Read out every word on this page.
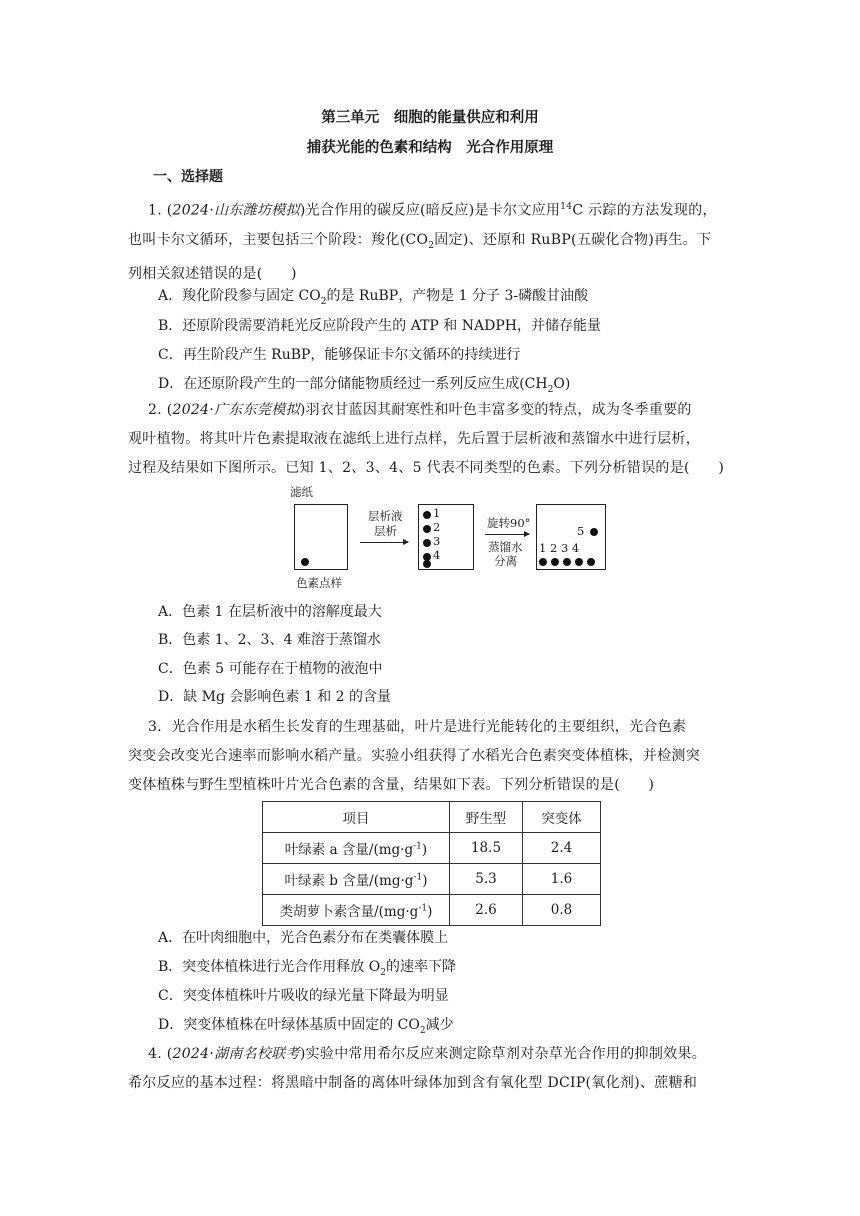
第三单元　细胞的能量供应和利用
捕获光能的色素和结构　光合作用原理
一、选择题
1. (2024·山东潍坊模拟)光合作用的碳反应(暗反应)是卡尔文应用$^{14}$C 示踪的方法发现的，
也叫卡尔文循环，主要包括三个阶段：羧化($CO_2$固定)、还原和 RuBP(五碳化合物)再生。下
列相关叙述错误的是(　　)
A．羧化阶段参与固定 $CO_2$的是 RuBP，产物是 1 分子 3-磷酸甘油酸
B．还原阶段需要消耗光反应阶段产生的 ATP 和 NADPH，并储存能量
C．再生阶段产生 RuBP，能够保证卡尔文循环的持续进行
D．在还原阶段产生的一部分储能物质经过一系列反应生成$(CH_2O)$
2. (2024·广东东莞模拟)羽衣甘蓝因其耐寒性和叶色丰富多变的特点，成为冬季重要的
观叶植物。将其叶片色素提取液在滤纸上进行点样，先后置于层析液和蒸馏水中进行层析，
过程及结果如下图所示。已知 1、2、3、4、5 代表不同类型的色素。下列分析错误的是(　　)
滤纸
色素点样
层析液
层析
1
2
3
4
旋转90°
蒸馏水
分离
5
1 2 3 4
A．色素 1 在层析液中的溶解度最大
B．色素 1、2、3、4 难溶于蒸馏水
C．色素 5 可能存在于植物的液泡中
D．缺 Mg 会影响色素 1 和 2 的含量
3．光合作用是水稻生长发育的生理基础，叶片是进行光能转化的主要组织，光合色素
突变会改变光合速率而影响水稻产量。实验小组获得了水稻光合色素突变体植株，并检测突
变体植株与野生型植株叶片光合色素的含量，结果如下表。下列分析错误的是(　　)
项目	野生型	突变体
叶绿素 a 含量$/(mg\cdot g^{-1})$	18.5	2.4
叶绿素 b 含量$/(mg\cdot g^{-1})$	5.3	1.6
类胡萝卜素含量$/(mg\cdot g^{-1})$	2.6	0.8
A．在叶肉细胞中，光合色素分布在类囊体膜上
B．突变体植株进行光合作用释放 $O_2$的速率下降
C．突变体植株叶片吸收的绿光量下降最为明显
D．突变体植株在叶绿体基质中固定的 $CO_2$减少
4. (2024·湖南名校联考)实验中常用希尔反应来测定除草剂对杂草光合作用的抑制效果。
希尔反应的基本过程：将黑暗中制备的离体叶绿体加到含有氧化型 DCIP(氧化剂)、蔗糖和
